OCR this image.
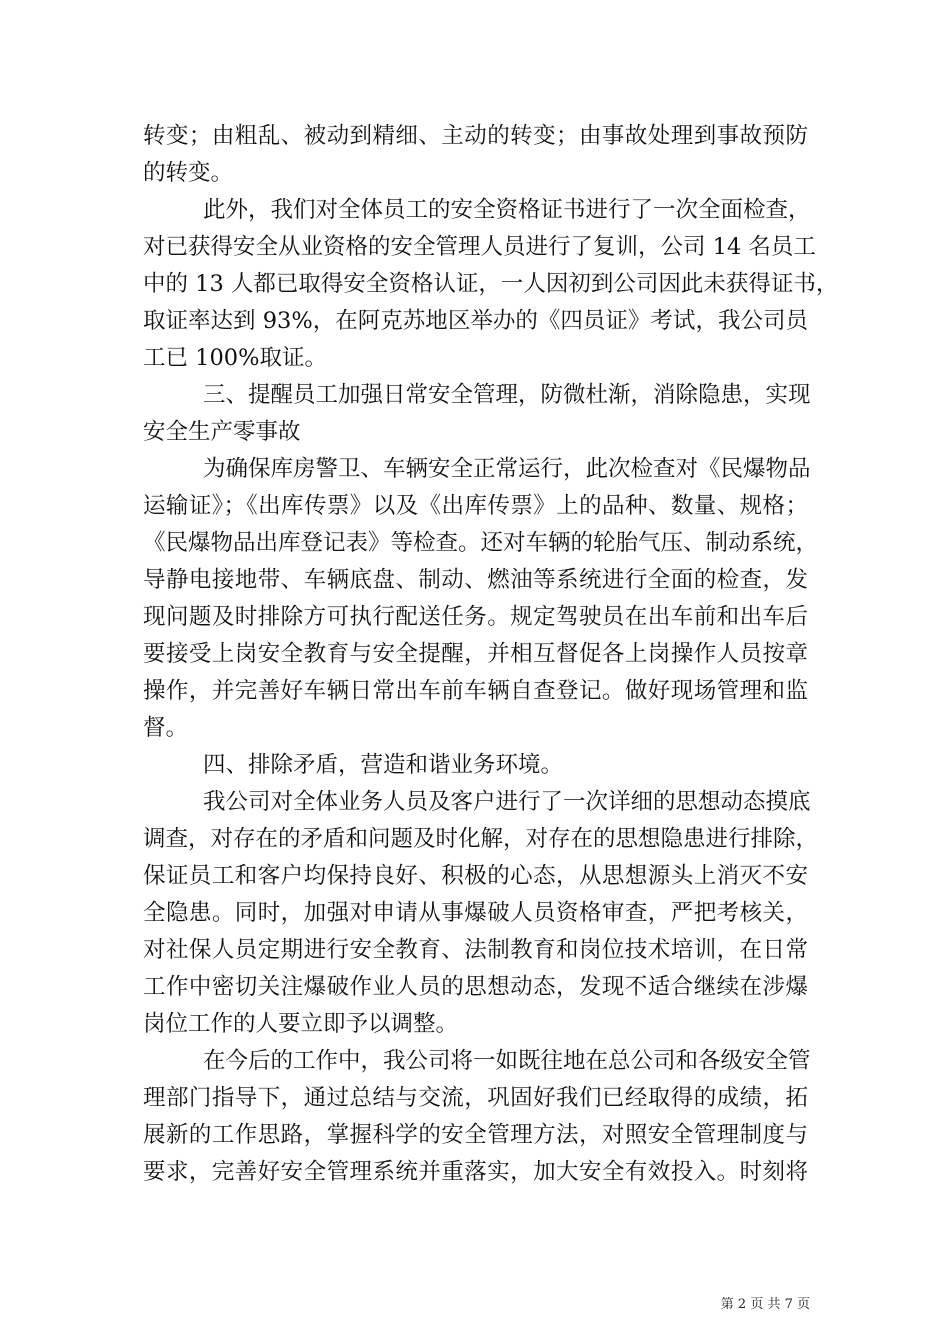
转变；由粗乱、被动到精细、主动的转变；由事故处理到事故预防
的转变。
此外，我们对全体员工的安全资格证书进行了一次全面检查，
对已获得安全从业资格的安全管理人员进行了复训，公司 14 名员工
中的 13 人都已取得安全资格认证，一人因初到公司因此未获得证书，
取证率达到 93%，在阿克苏地区举办的《四员证》考试，我公司员
工已 100%取证。
三、提醒员工加强日常安全管理，防微杜渐，消除隐患，实现
安全生产零事故
为确保库房警卫、车辆安全正常运行，此次检查对《民爆物品
运输证》；《出库传票》以及《出库传票》上的品种、数量、规格；
《民爆物品出库登记表》等检查。还对车辆的轮胎气压、制动系统，
导静电接地带、车辆底盘、制动、燃油等系统进行全面的检查，发
现问题及时排除方可执行配送任务。规定驾驶员在出车前和出车后
要接受上岗安全教育与安全提醒，并相互督促各上岗操作人员按章
操作，并完善好车辆日常出车前车辆自查登记。做好现场管理和监
督。
四、排除矛盾，营造和谐业务环境。
我公司对全体业务人员及客户进行了一次详细的思想动态摸底
调查，对存在的矛盾和问题及时化解，对存在的思想隐患进行排除，
保证员工和客户均保持良好、积极的心态，从思想源头上消灭不安
全隐患。同时，加强对申请从事爆破人员资格审查，严把考核关，
对社保人员定期进行安全教育、法制教育和岗位技术培训，在日常
工作中密切关注爆破作业人员的思想动态，发现不适合继续在涉爆
岗位工作的人要立即予以调整。
在今后的工作中，我公司将一如既往地在总公司和各级安全管
理部门指导下，通过总结与交流，巩固好我们已经取得的成绩，拓
展新的工作思路，掌握科学的安全管理方法，对照安全管理制度与
要求，完善好安全管理系统并重落实，加大安全有效投入。时刻将
第 2 页 共 7 页
